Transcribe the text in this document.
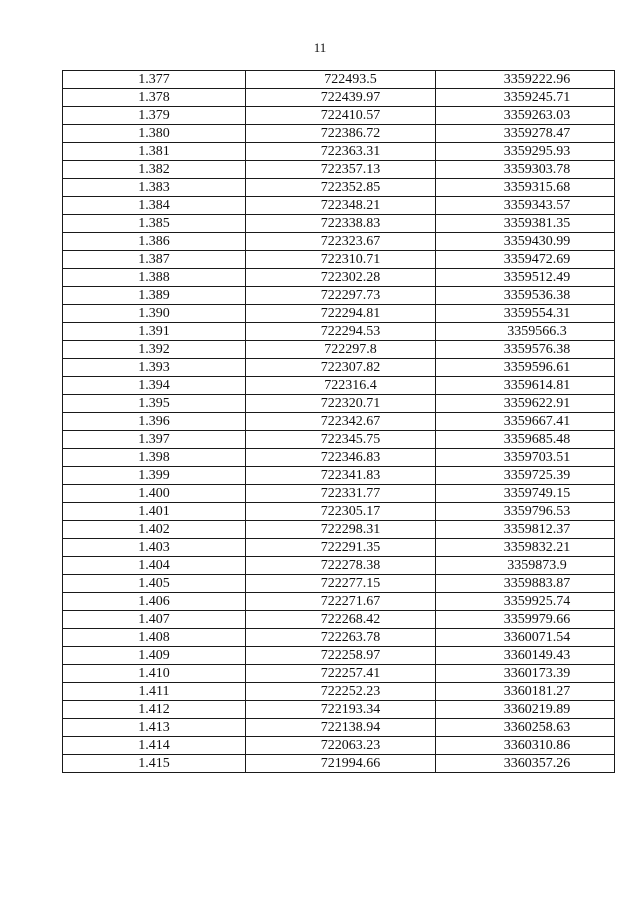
11
1.377	722493.5	3359222.96
1.378	722439.97	3359245.71
1.379	722410.57	3359263.03
1.380	722386.72	3359278.47
1.381	722363.31	3359295.93
1.382	722357.13	3359303.78
1.383	722352.85	3359315.68
1.384	722348.21	3359343.57
1.385	722338.83	3359381.35
1.386	722323.67	3359430.99
1.387	722310.71	3359472.69
1.388	722302.28	3359512.49
1.389	722297.73	3359536.38
1.390	722294.81	3359554.31
1.391	722294.53	3359566.3
1.392	722297.8	3359576.38
1.393	722307.82	3359596.61
1.394	722316.4	3359614.81
1.395	722320.71	3359622.91
1.396	722342.67	3359667.41
1.397	722345.75	3359685.48
1.398	722346.83	3359703.51
1.399	722341.83	3359725.39
1.400	722331.77	3359749.15
1.401	722305.17	3359796.53
1.402	722298.31	3359812.37
1.403	722291.35	3359832.21
1.404	722278.38	3359873.9
1.405	722277.15	3359883.87
1.406	722271.67	3359925.74
1.407	722268.42	3359979.66
1.408	722263.78	3360071.54
1.409	722258.97	3360149.43
1.410	722257.41	3360173.39
1.411	722252.23	3360181.27
1.412	722193.34	3360219.89
1.413	722138.94	3360258.63
1.414	722063.23	3360310.86
1.415	721994.66	3360357.26
